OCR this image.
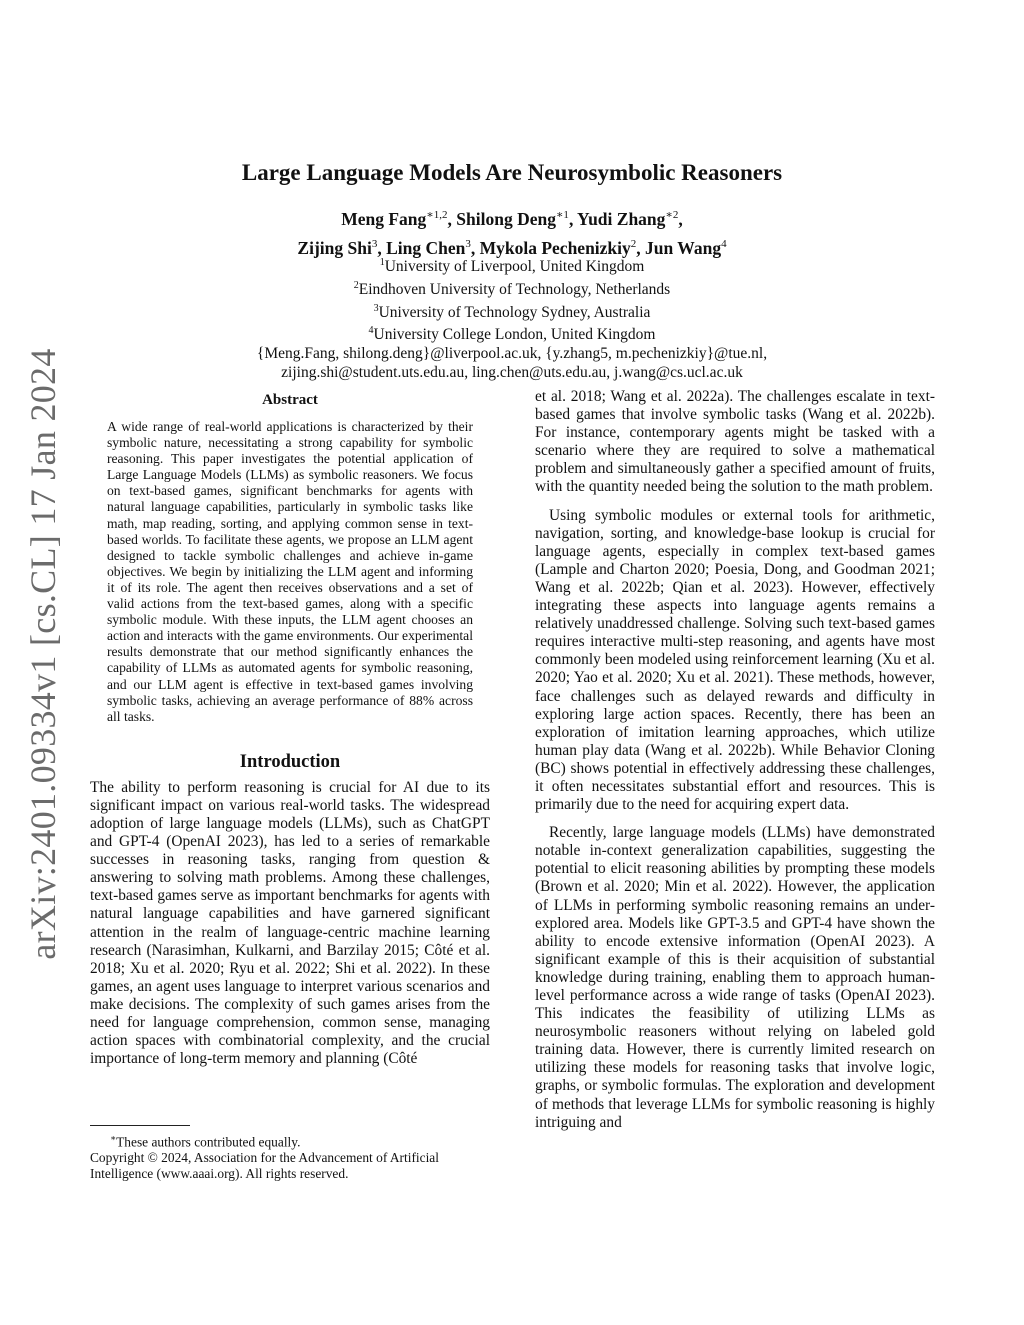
arXiv:2401.09334v1 [cs.CL] 17 Jan 2024
Large Language Models Are Neurosymbolic Reasoners
Meng Fang$^{∗1,2}$, Shilong Deng$^{∗1}$, Yudi Zhang$^{∗2}$,
Zijing Shi$^3$, Ling Chen$^3$, Mykola Pechenizkiy$^2$, Jun Wang$^4$
$^1$University of Liverpool, United Kingdom
$^2$Eindhoven University of Technology, Netherlands
$^3$University of Technology Sydney, Australia
$^4$University College London, United Kingdom
{Meng.Fang, shilong.deng}@liverpool.ac.uk, {y.zhang5, m.pechenizkiy}@tue.nl,
zijing.shi@student.uts.edu.au, ling.chen@uts.edu.au, j.wang@cs.ucl.ac.uk
Abstract

A wide range of real-world applications is characterized by their symbolic nature, necessitating a strong capability for symbolic reasoning. This paper investigates the potential application of Large Language Models (LLMs) as symbolic reasoners. We focus on text-based games, significant benchmarks for agents with natural language capabilities, particularly in symbolic tasks like math, map reading, sorting, and applying common sense in text-based worlds. To facilitate these agents, we propose an LLM agent designed to tackle symbolic challenges and achieve in-game objectives. We begin by initializing the LLM agent and informing it of its role. The agent then receives observations and a set of valid actions from the text-based games, along with a specific symbolic module. With these inputs, the LLM agent chooses an action and interacts with the game environments. Our experimental results demonstrate that our method significantly enhances the capability of LLMs as automated agents for symbolic reasoning, and our LLM agent is effective in text-based games involving symbolic tasks, achieving an average performance of 88% across all tasks.

Introduction

The ability to perform reasoning is crucial for AI due to its significant impact on various real-world tasks. The widespread adoption of large language models (LLMs), such as ChatGPT and GPT-4 (OpenAI 2023), has led to a series of remarkable successes in reasoning tasks, ranging from question & answering to solving math problems. Among these challenges, text-based games serve as important benchmarks for agents with natural language capabilities and have garnered significant attention in the realm of language-centric machine learning research (Narasimhan, Kulkarni, and Barzilay 2015; Côté et al. 2018; Xu et al. 2020; Ryu et al. 2022; Shi et al. 2022). In these games, an agent uses language to interpret various scenarios and make decisions. The complexity of such games arises from the need for language comprehension, common sense, managing action spaces with combinatorial complexity, and the crucial importance of long-term memory and planning (Côté

et al. 2018; Wang et al. 2022a). The challenges escalate in text-based games that involve symbolic tasks (Wang et al. 2022b). For instance, contemporary agents might be tasked with a scenario where they are required to solve a mathematical problem and simultaneously gather a specified amount of fruits, with the quantity needed being the solution to the math problem.

Using symbolic modules or external tools for arithmetic, navigation, sorting, and knowledge-base lookup is crucial for language agents, especially in complex text-based games (Lample and Charton 2020; Poesia, Dong, and Goodman 2021; Wang et al. 2022b; Qian et al. 2023). However, effectively integrating these aspects into language agents remains a relatively unaddressed challenge. Solving such text-based games requires interactive multi-step reasoning, and agents have most commonly been modeled using reinforcement learning (Xu et al. 2020; Yao et al. 2020; Xu et al. 2021). These methods, however, face challenges such as delayed rewards and difficulty in exploring large action spaces. Recently, there has been an exploration of imitation learning approaches, which utilize human play data (Wang et al. 2022b). While Behavior Cloning (BC) shows potential in effectively addressing these challenges, it often necessitates substantial effort and resources. This is primarily due to the need for acquiring expert data.

Recently, large language models (LLMs) have demonstrated notable in-context generalization capabilities, suggesting the potential to elicit reasoning abilities by prompting these models (Brown et al. 2020; Min et al. 2022). However, the application of LLMs in performing symbolic reasoning remains an under-explored area. Models like GPT-3.5 and GPT-4 have shown the ability to encode extensive information (OpenAI 2023). A significant example of this is their acquisition of substantial knowledge during training, enabling them to approach human-level performance across a wide range of tasks (OpenAI 2023). This indicates the feasibility of utilizing LLMs as neurosymbolic reasoners without relying on labeled gold training data. However, there is currently limited research on utilizing these models for reasoning tasks that involve logic, graphs, or symbolic formulas. The exploration and development of methods that leverage LLMs for symbolic reasoning is highly intriguing and

∗These authors contributed equally.
Copyright © 2024, Association for the Advancement of Artificial Intelligence (www.aaai.org). All rights reserved.
